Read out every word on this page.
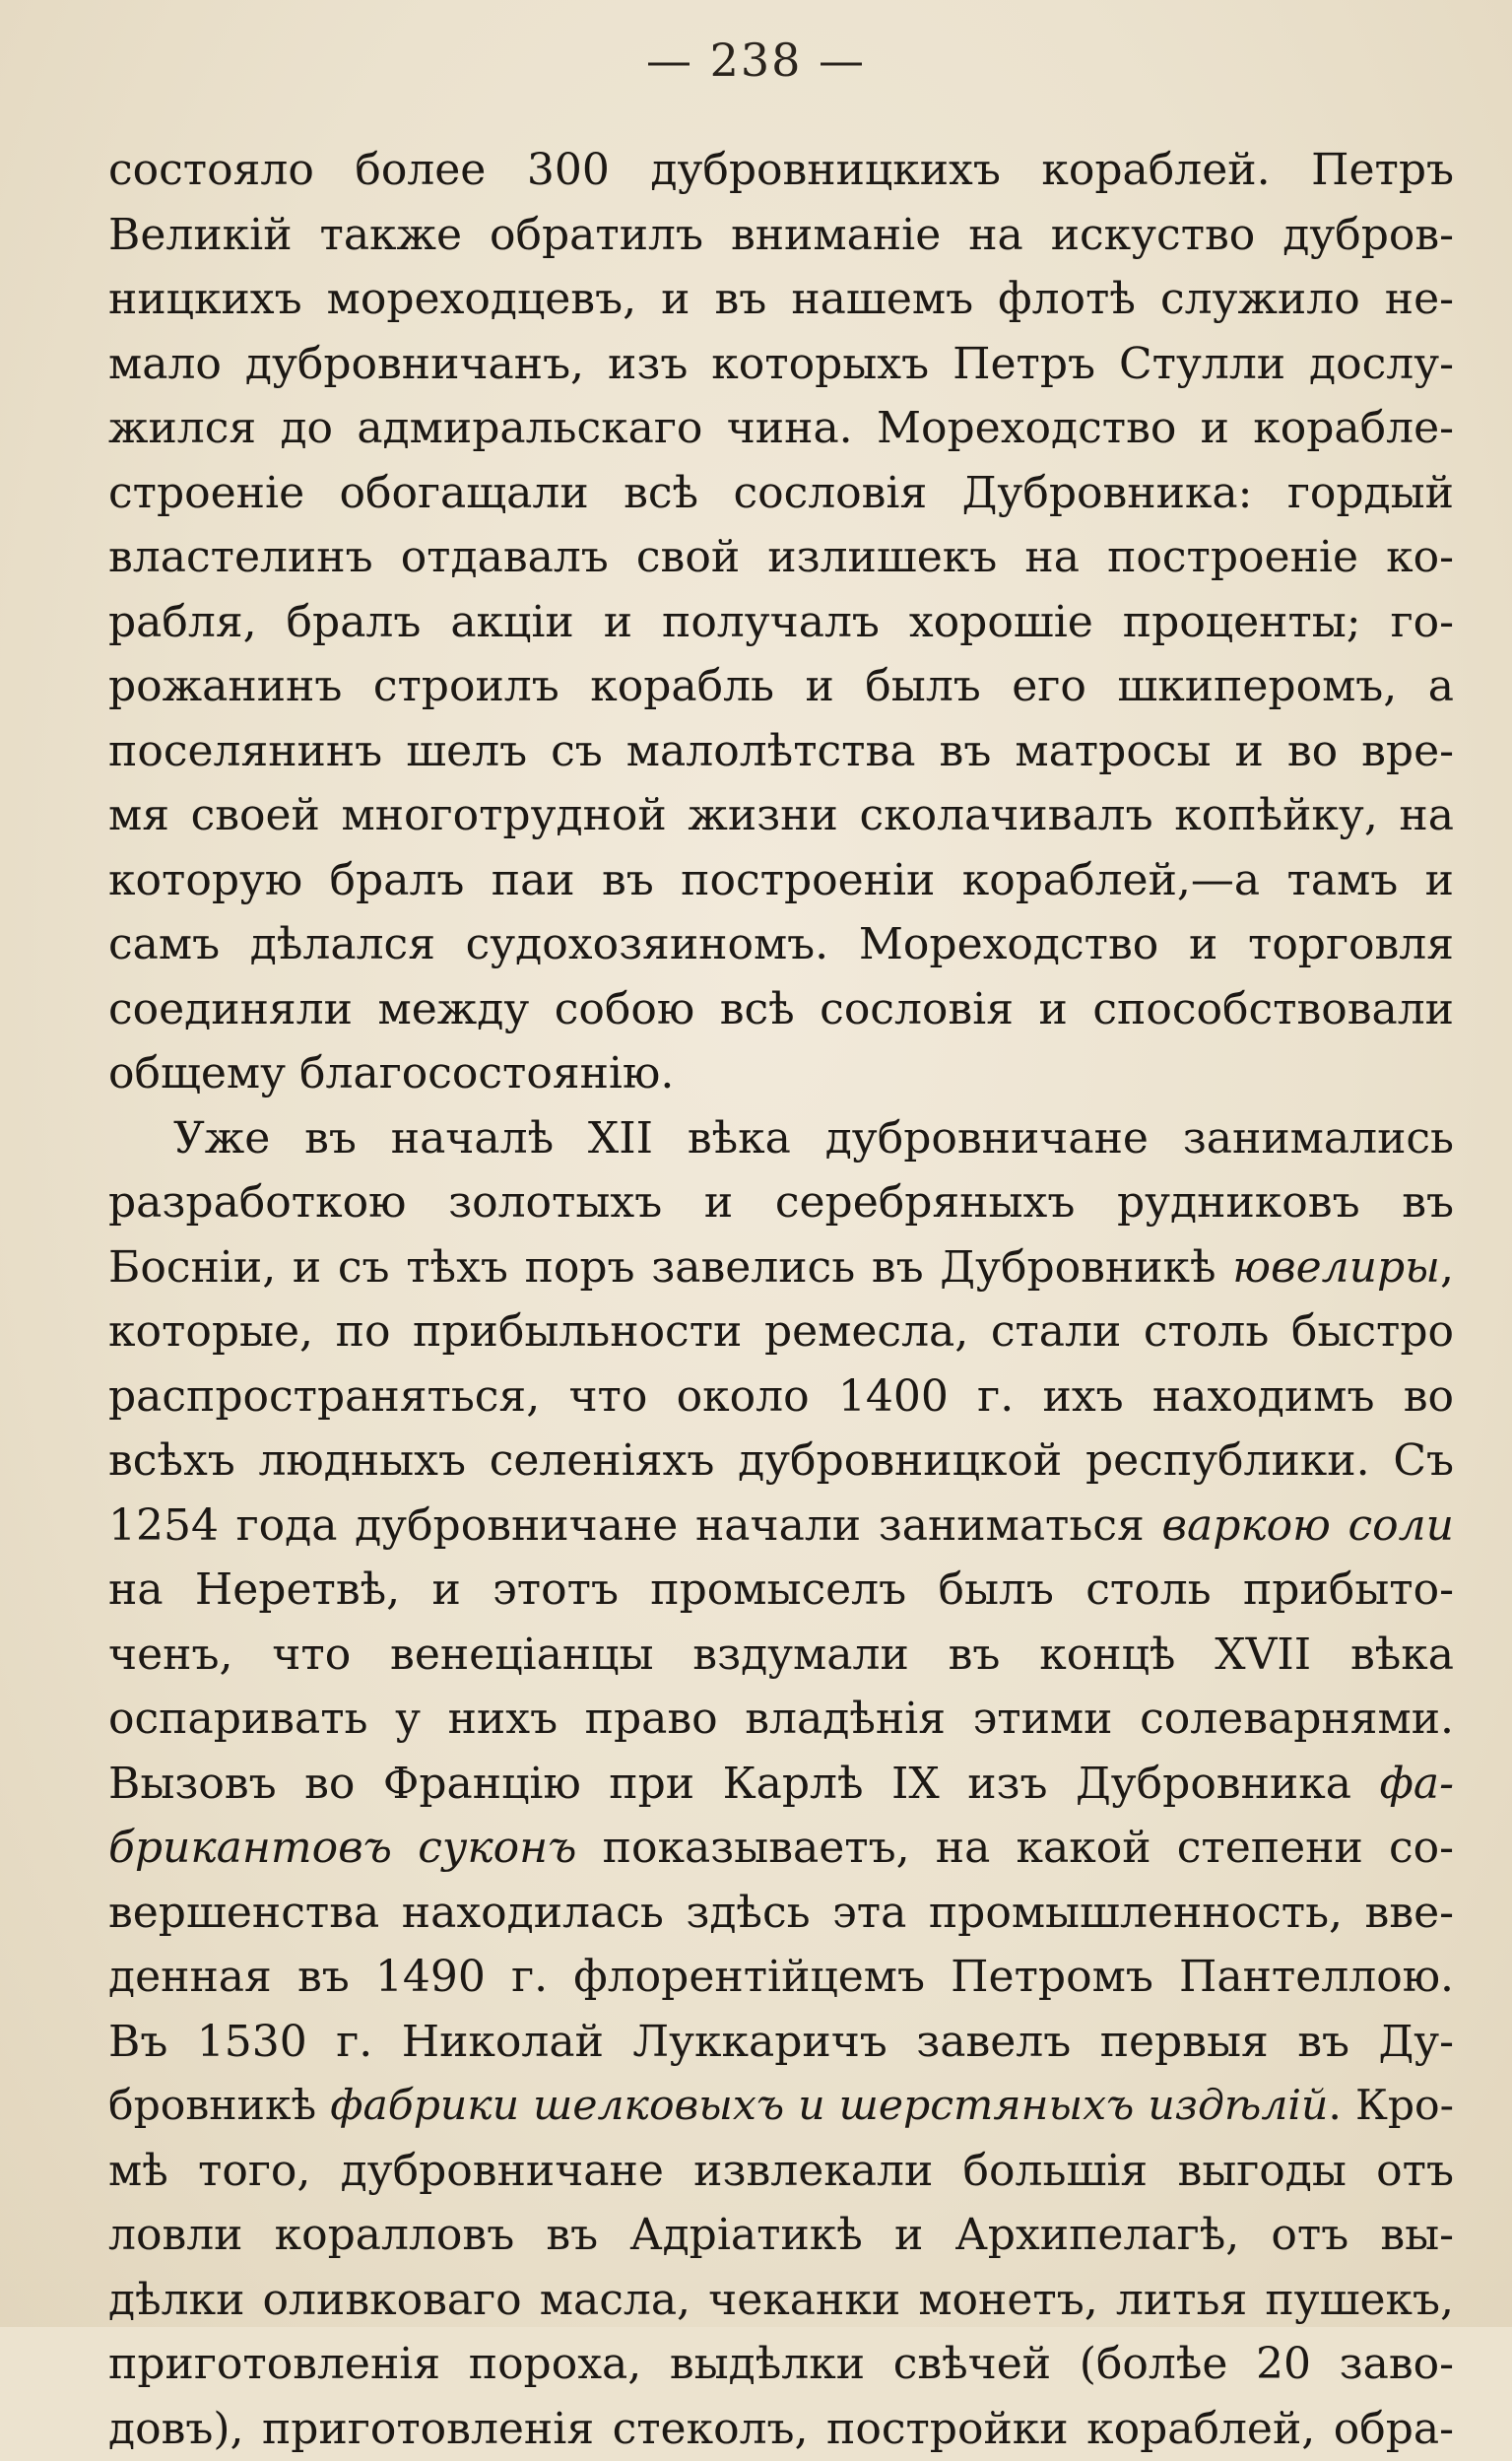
— 238 —
состояло более 300 дубровницкихъ кораблей. Петръ
Великій также обратилъ вниманіе на искуство дубров-
ницкихъ мореходцевъ, и въ нашемъ флотѣ служило не-
мало дубровничанъ, изъ которыхъ Петръ Стулли дослу-
жился до адмиральскаго чина. Мореходство и корабле-
строеніе обогащали всѣ сословія Дубровника: гордый
властелинъ отдавалъ свой излишекъ на построеніе ко-
рабля, бралъ акціи и получалъ хорошіе проценты; го-
рожанинъ строилъ корабль и былъ его шкиперомъ, а
поселянинъ шелъ съ малолѣтства въ матросы и во вре-
мя своей многотрудной жизни сколачивалъ копѣйку, на
которую бралъ паи въ построеніи кораблей,—а тамъ и
самъ дѣлался судохозяиномъ. Мореходство и торговля
соединяли между собою всѣ сословія и способствовали
общему благосостоянію.
Уже въ началѣ XII вѣка дубровничане занимались
разработкою золотыхъ и серебряныхъ рудниковъ въ
Босніи, и съ тѣхъ поръ завелись въ Дубровникѣ ювелиры,
которые, по прибыльности ремесла, стали столь быстро
распространяться, что около 1400 г. ихъ находимъ во
всѣхъ людныхъ селеніяхъ дубровницкой республики. Съ
1254 года дубровничане начали заниматься варкою соли
на Неретвѣ, и этотъ промыселъ былъ столь прибыто-
ченъ, что венеціанцы вздумали въ концѣ XVII вѣка
оспаривать у нихъ право владѣнія этими солеварнями.
Вызовъ во Францію при Карлѣ IX изъ Дубровника фа-
брикантовъ суконъ показываетъ, на какой степени со-
вершенства находилась здѣсь эта промышленность, вве-
денная въ 1490 г. флорентійцемъ Петромъ Пантеллою.
Въ 1530 г. Николай Луккаричъ завелъ первыя въ Ду-
бровникѣ фабрики шелковыхъ и шерстяныхъ издѣлій. Кро-
мѣ того, дубровничане извлекали большія выгоды отъ
ловли коралловъ въ Адріатикѣ и Архипелагѣ, отъ вы-
дѣлки оливковаго масла, чеканки монетъ, литья пушекъ,
приготовленія пороха, выдѣлки свѣчей (болѣе 20 заво-
довъ), приготовленія стеколъ, постройки кораблей, обра-
